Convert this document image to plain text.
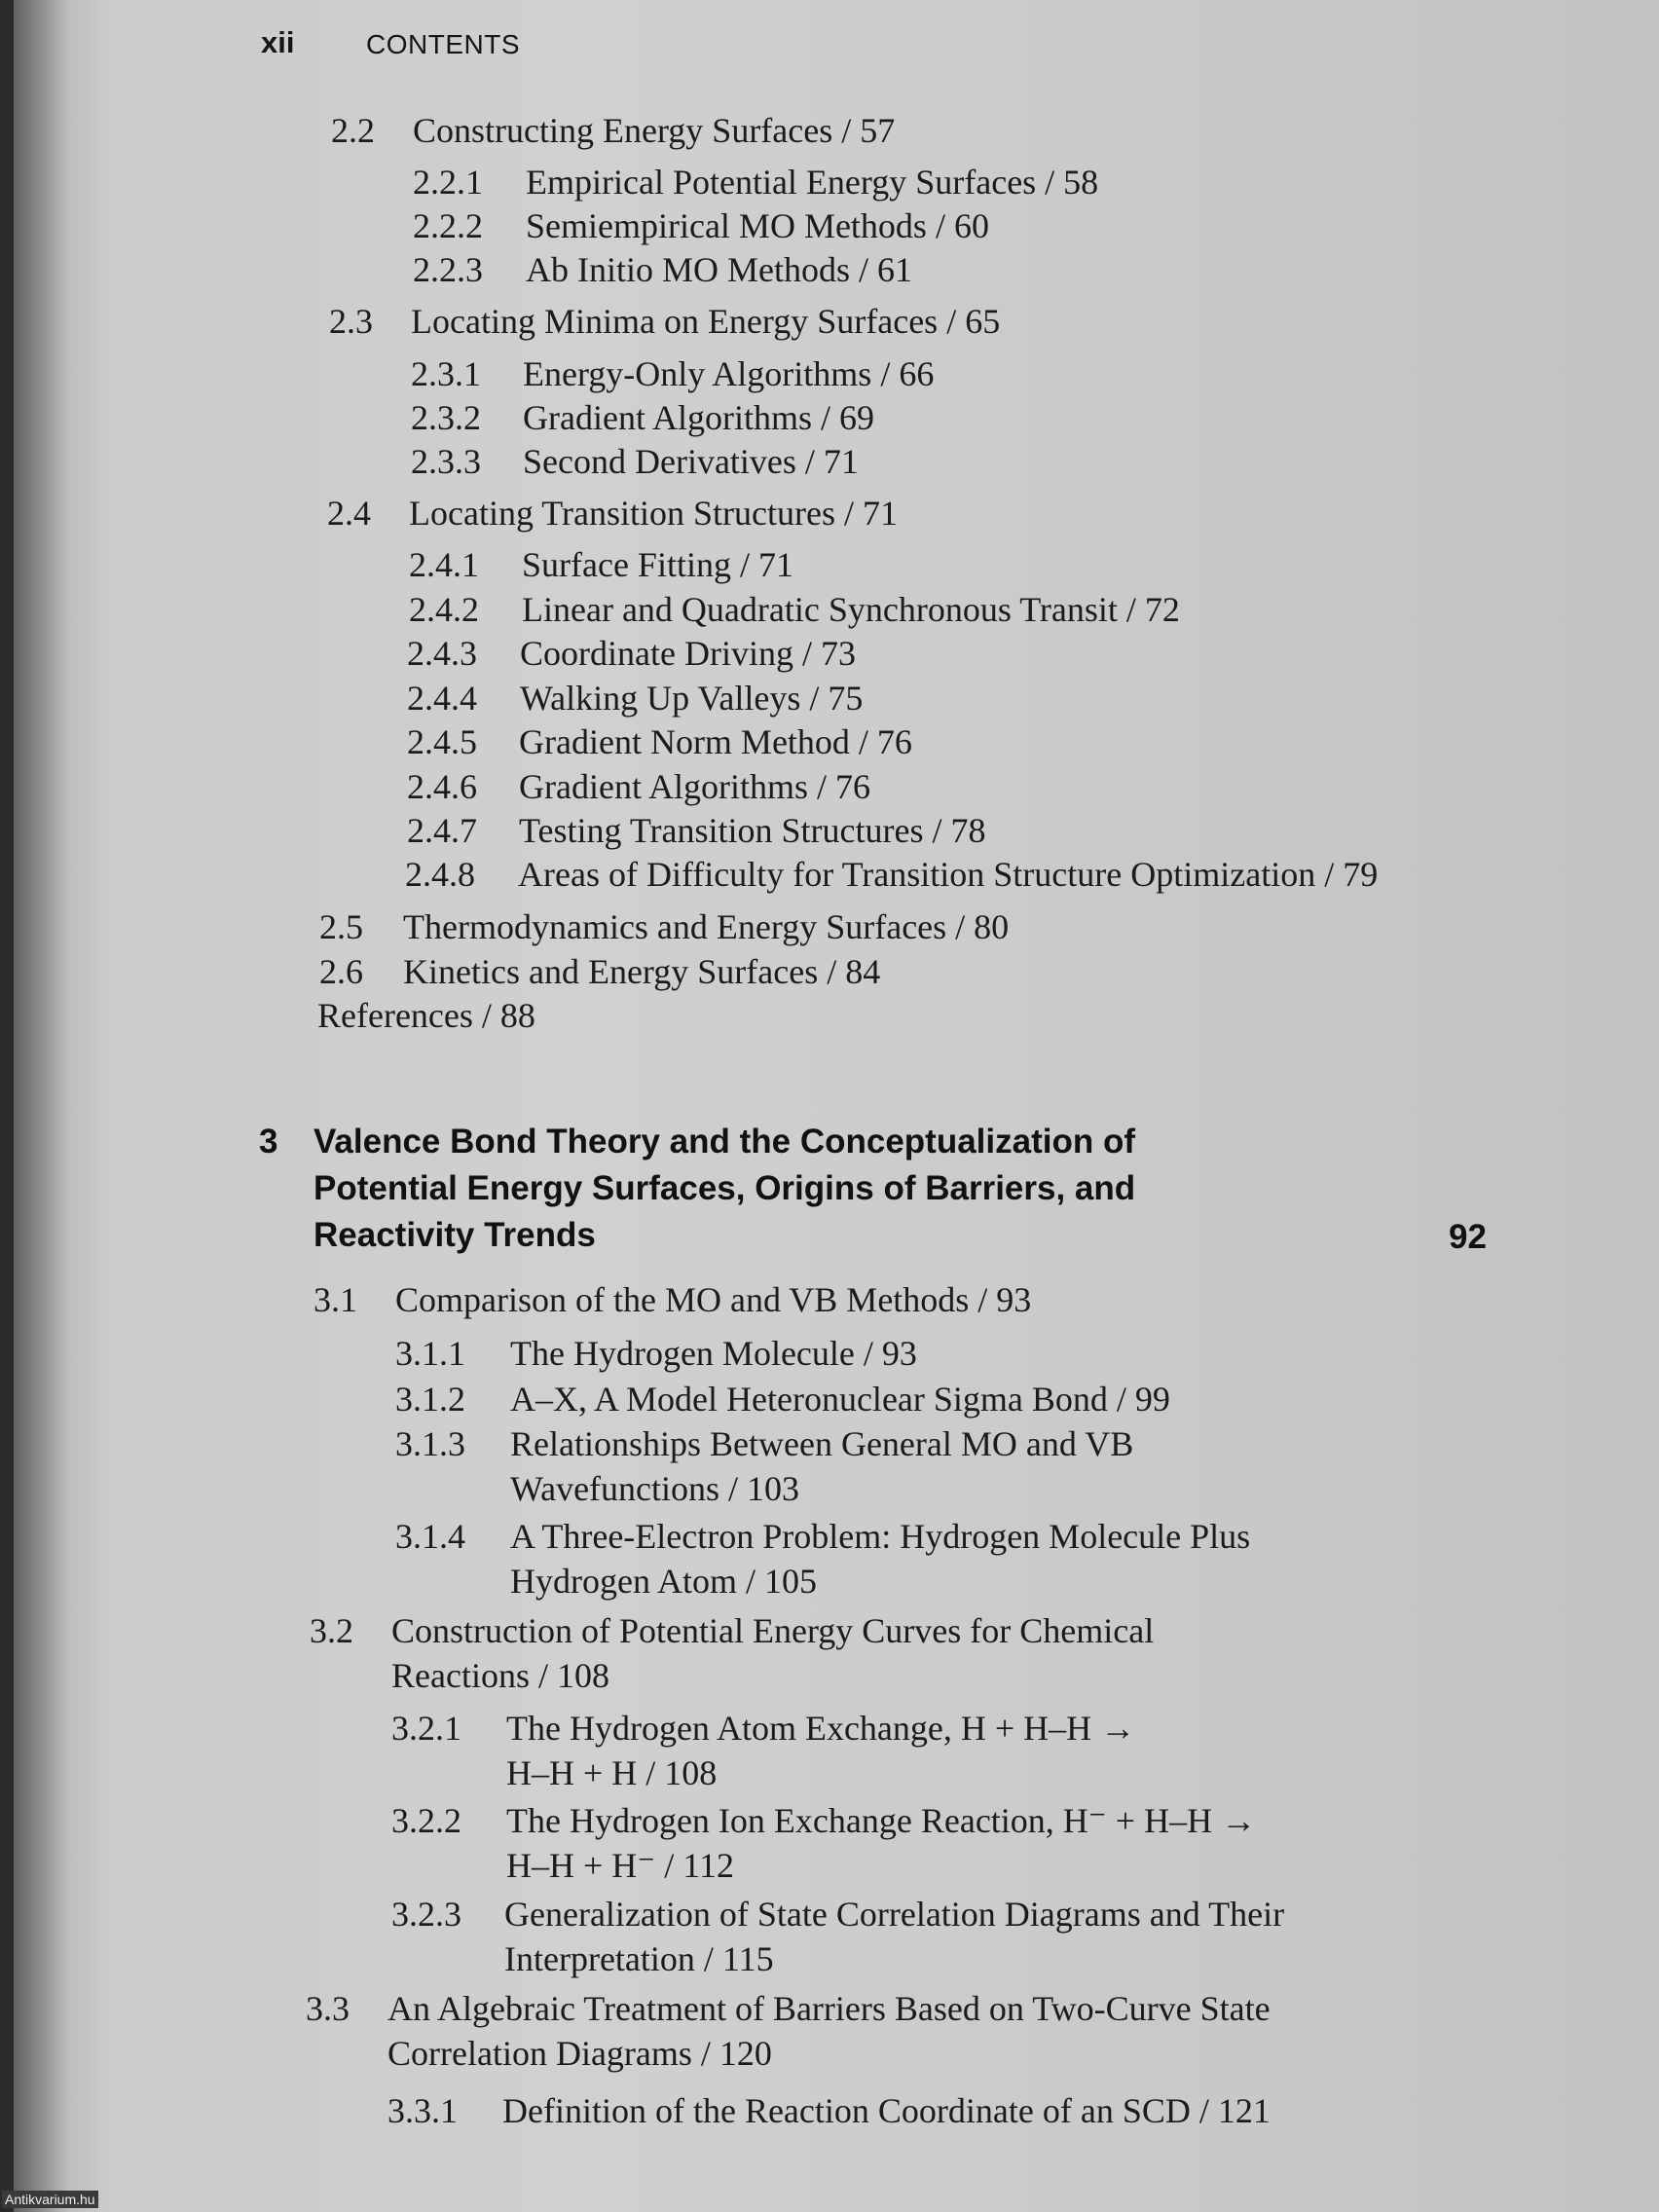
xii	CONTENTS
2.2 Constructing Energy Surfaces / 57
2.2.1 Empirical Potential Energy Surfaces / 58
2.2.2 Semiempirical MO Methods / 60
2.2.3 Ab Initio MO Methods / 61
2.3 Locating Minima on Energy Surfaces / 65
2.3.1 Energy-Only Algorithms / 66
2.3.2 Gradient Algorithms / 69
2.3.3 Second Derivatives / 71
2.4 Locating Transition Structures / 71
2.4.1 Surface Fitting / 71
2.4.2 Linear and Quadratic Synchronous Transit / 72
2.4.3 Coordinate Driving / 73
2.4.4 Walking Up Valleys / 75
2.4.5 Gradient Norm Method / 76
2.4.6 Gradient Algorithms / 76
2.4.7 Testing Transition Structures / 78
2.4.8 Areas of Difficulty for Transition Structure Optimization / 79
2.5 Thermodynamics and Energy Surfaces / 80
2.6 Kinetics and Energy Surfaces / 84
References / 88
3 Valence Bond Theory and the Conceptualization of
Potential Energy Surfaces, Origins of Barriers, and
Reactivity Trends	92
3.1 Comparison of the MO and VB Methods / 93
3.1.1 The Hydrogen Molecule / 93
3.1.2 A–X, A Model Heteronuclear Sigma Bond / 99
3.1.3 Relationships Between General MO and VB
Wavefunctions / 103
3.1.4 A Three-Electron Problem: Hydrogen Molecule Plus
Hydrogen Atom / 105
3.2 Construction of Potential Energy Curves for Chemical
Reactions / 108
3.2.1 The Hydrogen Atom Exchange, H + H–H →
H–H + H / 108
3.2.2 The Hydrogen Ion Exchange Reaction, H⁻ + H–H →
H–H + H⁻ / 112
3.2.3 Generalization of State Correlation Diagrams and Their
Interpretation / 115
3.3 An Algebraic Treatment of Barriers Based on Two-Curve State
Correlation Diagrams / 120
3.3.1 Definition of the Reaction Coordinate of an SCD / 121
Antikvarium.hu
